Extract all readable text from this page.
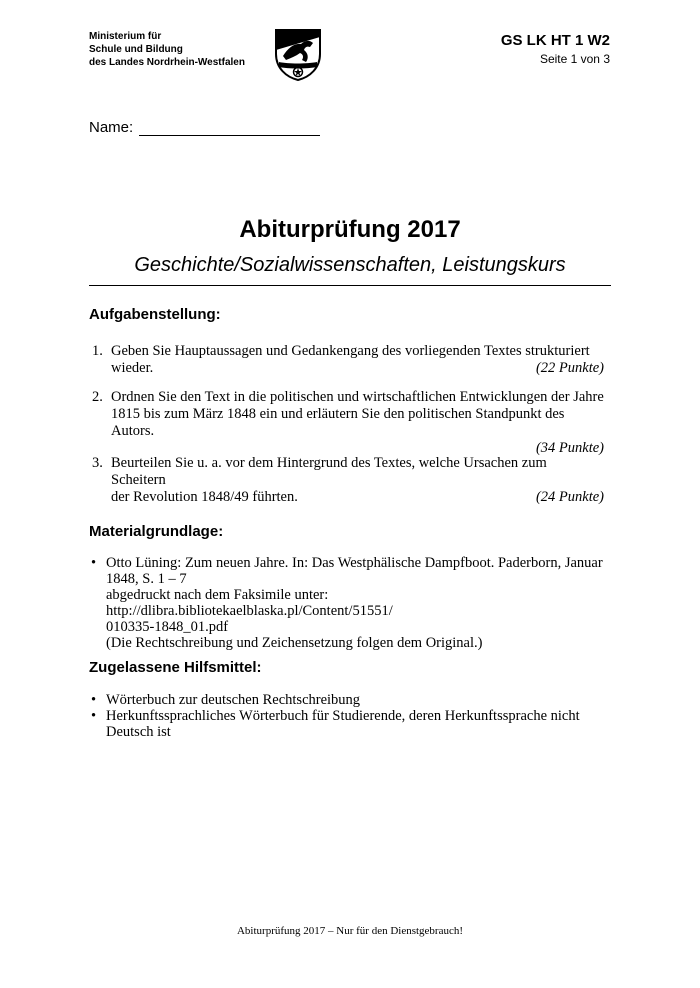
Ministerium für
Schule und Bildung
des Landes Nordrhein-Westfalen
GS LK HT 1 W2
Seite 1 von 3
Name:
Abiturprüfung 2017
Geschichte/Sozialwissenschaften, Leistungskurs
Aufgabenstellung:
1. Geben Sie Hauptaussagen und Gedankengang des vorliegenden Textes strukturiert
wieder.	(22 Punkte)
2. Ordnen Sie den Text in die politischen und wirtschaftlichen Entwicklungen der Jahre
1815 bis zum März 1848 ein und erläutern Sie den politischen Standpunkt des Autors.
(34 Punkte)
3. Beurteilen Sie u. a. vor dem Hintergrund des Textes, welche Ursachen zum Scheitern
der Revolution 1848/49 führten.	(24 Punkte)
Materialgrundlage:
• Otto Lüning: Zum neuen Jahre. In: Das Westphälische Dampfboot. Paderborn, Januar
1848, S. 1 – 7
abgedruckt nach dem Faksimile unter: http://dlibra.bibliotekaelblaska.pl/Content/51551/
010335-1848_01.pdf
(Die Rechtschreibung und Zeichensetzung folgen dem Original.)
Zugelassene Hilfsmittel:
• Wörterbuch zur deutschen Rechtschreibung
• Herkunftssprachliches Wörterbuch für Studierende, deren Herkunftssprache nicht
Deutsch ist
Abiturprüfung 2017 – Nur für den Dienstgebrauch!
